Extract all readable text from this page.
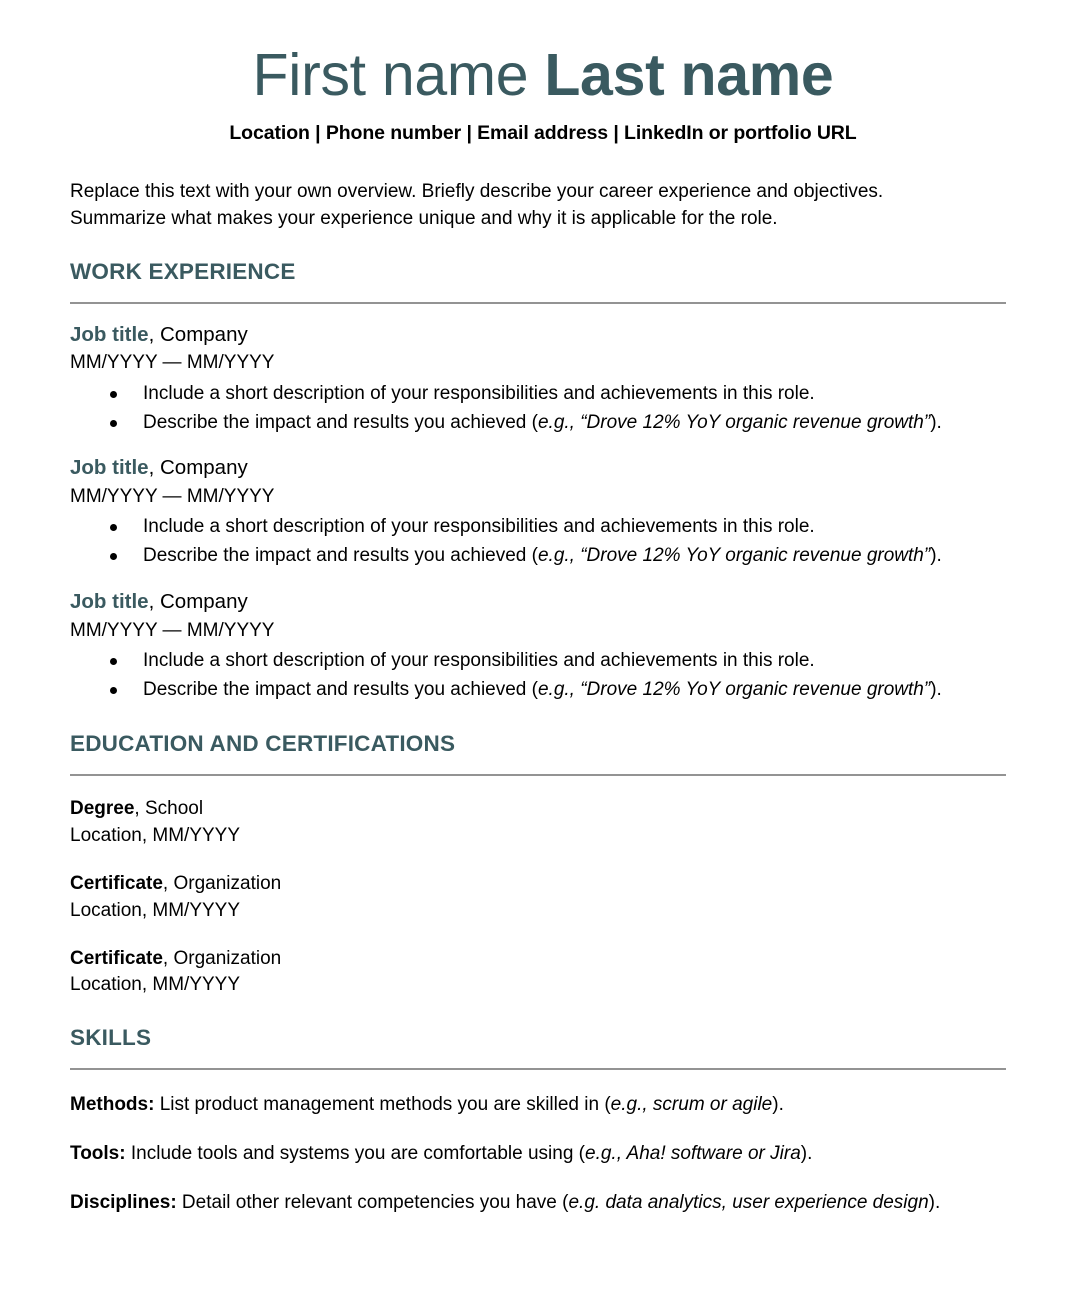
First name Last name

Location | Phone number | Email address | LinkedIn or portfolio URL

Replace this text with your own overview. Briefly describe your career experience and objectives.
Summarize what makes your experience unique and why it is applicable for the role.

WORK EXPERIENCE

Job title, Company

MM/YYYY — MM/YYYY

Include a short description of your responsibilities and achievements in this role.
Describe the impact and results you achieved (e.g., “Drove 12% YoY organic revenue growth”).

Job title, Company

MM/YYYY — MM/YYYY

Include a short description of your responsibilities and achievements in this role.
Describe the impact and results you achieved (e.g., “Drove 12% YoY organic revenue growth”).

Job title, Company

MM/YYYY — MM/YYYY

Include a short description of your responsibilities and achievements in this role.
Describe the impact and results you achieved (e.g., “Drove 12% YoY organic revenue growth”).
EDUCATION AND CERTIFICATIONS

Degree, School

Location, MM/YYYY

Certificate, Organization

Location, MM/YYYY

Certificate, Organization

Location, MM/YYYY

SKILLS

Methods: List product management methods you are skilled in (e.g., scrum or agile).

Tools: Include tools and systems you are comfortable using (e.g., Aha! software or Jira).

Disciplines: Detail other relevant competencies you have (e.g. data analytics, user experience design).
